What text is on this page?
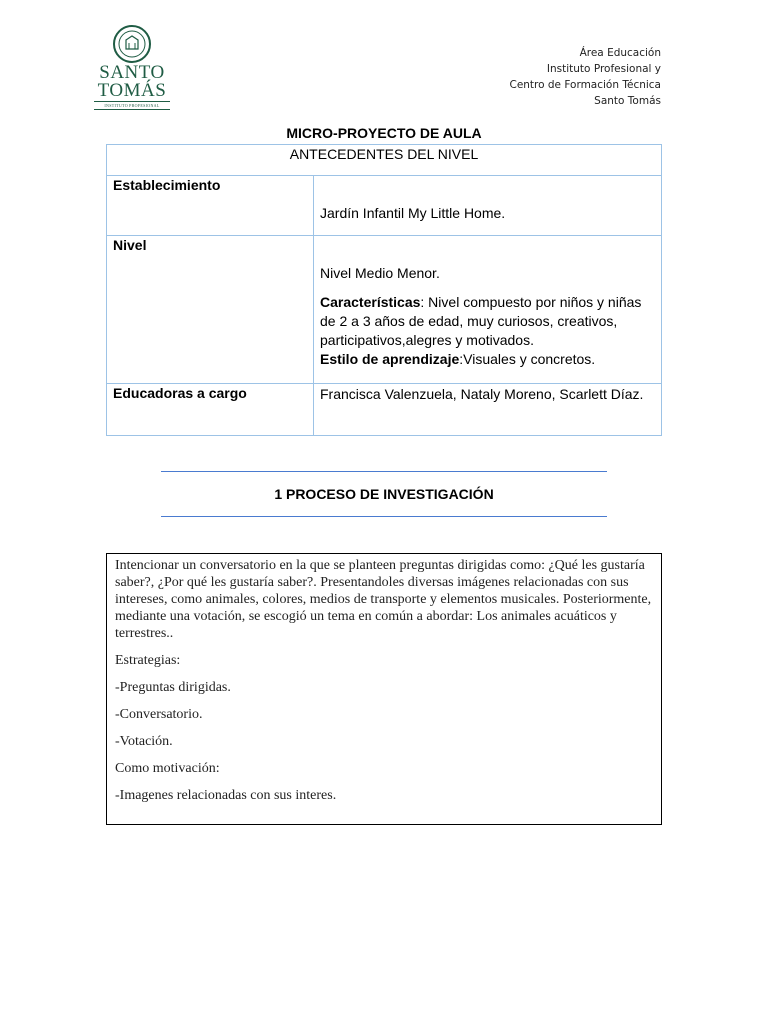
SANTO
TOMÁS
INSTITUTO PROFESIONAL
Área Educación
Instituto Profesional y
Centro de Formación Técnica
Santo Tomás
MICRO-PROYECTO DE AULA
ANTECEDENTES DEL NIVEL	
Establecimiento	Jardín Infantil My Little Home.

Nivel	Nivel Medio Menor.

Características: Nivel compuesto por niños y niñas de 2 a 3 años de edad, muy curiosos, creativos, participativos,alegres y motivados.

Estilo de aprendizaje:Visuales y concretos.

Educadoras a cargo	Francisca Valenzuela, Nataly Moreno, Scarlett Díaz.

1 PROCESO DE INVESTIGACIÓN

Intencionar un conversatorio en la que se planteen preguntas dirigidas como: ¿Qué les gustaría saber?, ¿Por qué les gustaría saber?. Presentandoles diversas imágenes relacionadas con sus intereses, como animales, colores, medios de transporte y elementos musicales. Posteriormente, mediante una votación, se escogió un tema en común a abordar: Los animales acuáticos y terrestres..

Estrategias:

-Preguntas dirigidas.

-Conversatorio.

-Votación.

Como motivación:

-Imagenes relacionadas con sus interes.
